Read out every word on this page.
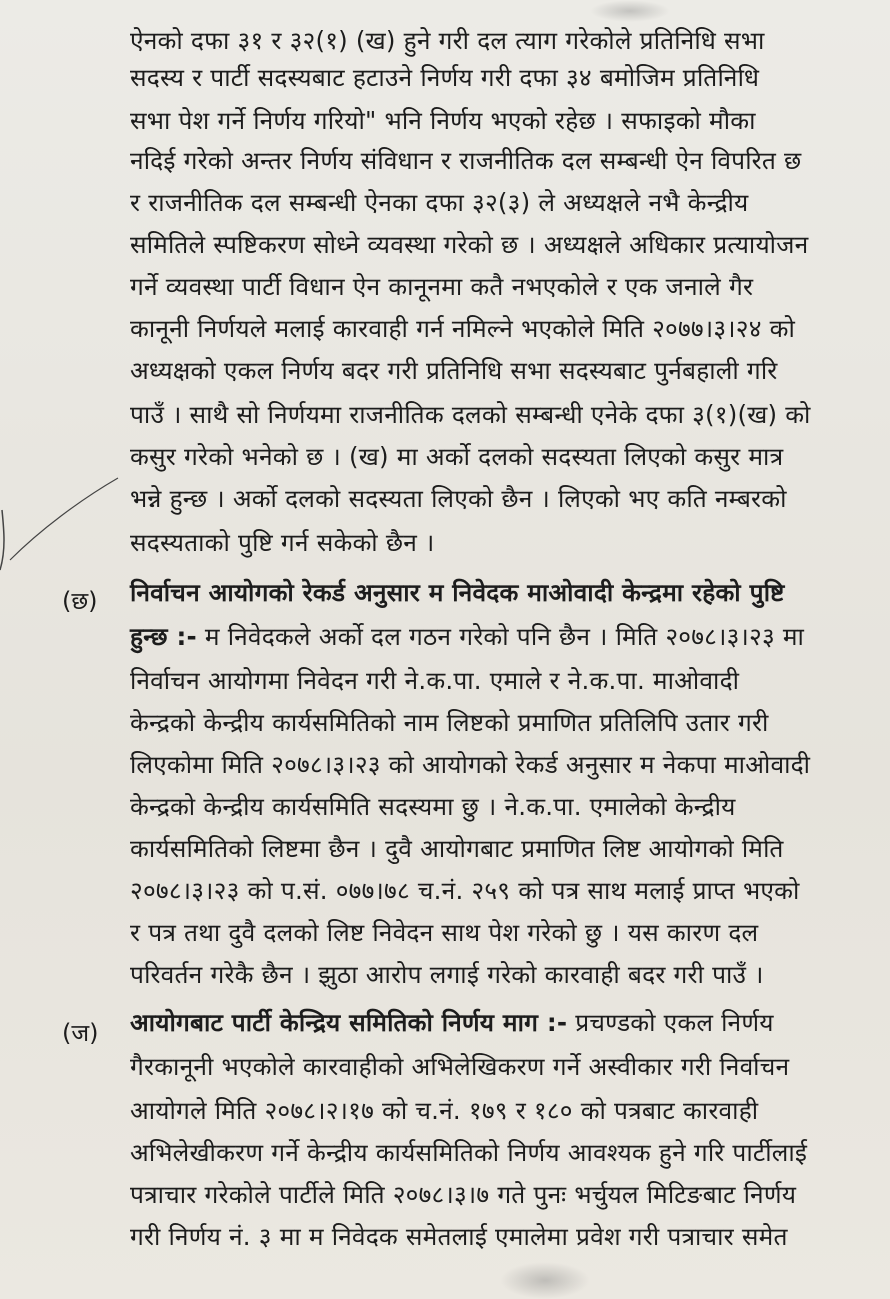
ऐनको दफा ३१ र ३२(१) (ख) हुने गरी दल त्याग गरेकोले प्रतिनिधि सभा
सदस्य र पार्टी सदस्यबाट हटाउने निर्णय गरी दफा ३४ बमोजिम प्रतिनिधि
सभा पेश गर्ने निर्णय गरियो" भनि निर्णय भएको रहेछ । सफाइको मौका
नदिई गरेको अन्तर निर्णय संविधान र राजनीतिक दल सम्बन्धी ऐन विपरित छ
र राजनीतिक दल सम्बन्धी ऐनका दफा ३२(३) ले अध्यक्षले नभै केन्द्रीय
समितिले स्पष्टिकरण सोध्ने व्यवस्था गरेको छ । अध्यक्षले अधिकार प्रत्यायोजन
गर्ने व्यवस्था पार्टी विधान ऐन कानूनमा कतै नभएकोले र एक जनाले गैर
कानूनी निर्णयले मलाई कारवाही गर्न नमिल्ने भएकोले मिति २०७७।३।२४ को
अध्यक्षको एकल निर्णय बदर गरी प्रतिनिधि सभा सदस्यबाट पुर्नबहाली गरि
पाउँ । साथै सो निर्णयमा राजनीतिक दलको सम्बन्धी एनेके दफा ३(१)(ख) को
कसुर गरेको भनेको छ । (ख) मा अर्को दलको सदस्यता लिएको कसुर मात्र
भन्ने हुन्छ । अर्को दलको सदस्यता लिएको छैन । लिएको भए कति नम्बरको
सदस्यताको पुष्टि गर्न सकेको छैन ।
(छ) निर्वाचन आयोगको रेकर्ड अनुसार म निवेदक माओवादी केन्द्रमा रहेको पुष्टि
हुन्छ :- म निवेदकले अर्को दल गठन गरेको पनि छैन । मिति २०७८।३।२३ मा
निर्वाचन आयोगमा निवेदन गरी ने.क.पा. एमाले र ने.क.पा. माओवादी
केन्द्रको केन्द्रीय कार्यसमितिको नाम लिष्टको प्रमाणित प्रतिलिपि उतार गरी
लिएकोमा मिति २०७८।३।२३ को आयोगको रेकर्ड अनुसार म नेकपा माओवादी
केन्द्रको केन्द्रीय कार्यसमिति सदस्यमा छु । ने.क.पा. एमालेको केन्द्रीय
कार्यसमितिको लिष्टमा छैन । दुवै आयोगबाट प्रमाणित लिष्ट आयोगको मिति
२०७८।३।२३ को प.सं. ०७७।७८ च.नं. २५९ को पत्र साथ मलाई प्राप्त भएको
र पत्र तथा दुवै दलको लिष्ट निवेदन साथ पेश गरेको छु । यस कारण दल
परिवर्तन गरेकै छैन । झुठा आरोप लगाई गरेको कारवाही बदर गरी पाउँ ।
(ज) आयोगबाट पार्टी केन्द्रिय समितिको निर्णय माग :- प्रचण्डको एकल निर्णय
गैरकानूनी भएकोले कारवाहीको अभिलेखिकरण गर्ने अस्वीकार गरी निर्वाचन
आयोगले मिति २०७८।२।१७ को च.नं. १७९ र १८० को पत्रबाट कारवाही
अभिलेखीकरण गर्ने केन्द्रीय कार्यसमितिको निर्णय आवश्यक हुने गरि पार्टीलाई
पत्राचार गरेकोले पार्टीले मिति २०७८।३।७ गते पुनः भर्चुयल मिटिङबाट निर्णय
गरी निर्णय नं. ३ मा म निवेदक समेतलाई एमालेमा प्रवेश गरी पत्राचार समेत
